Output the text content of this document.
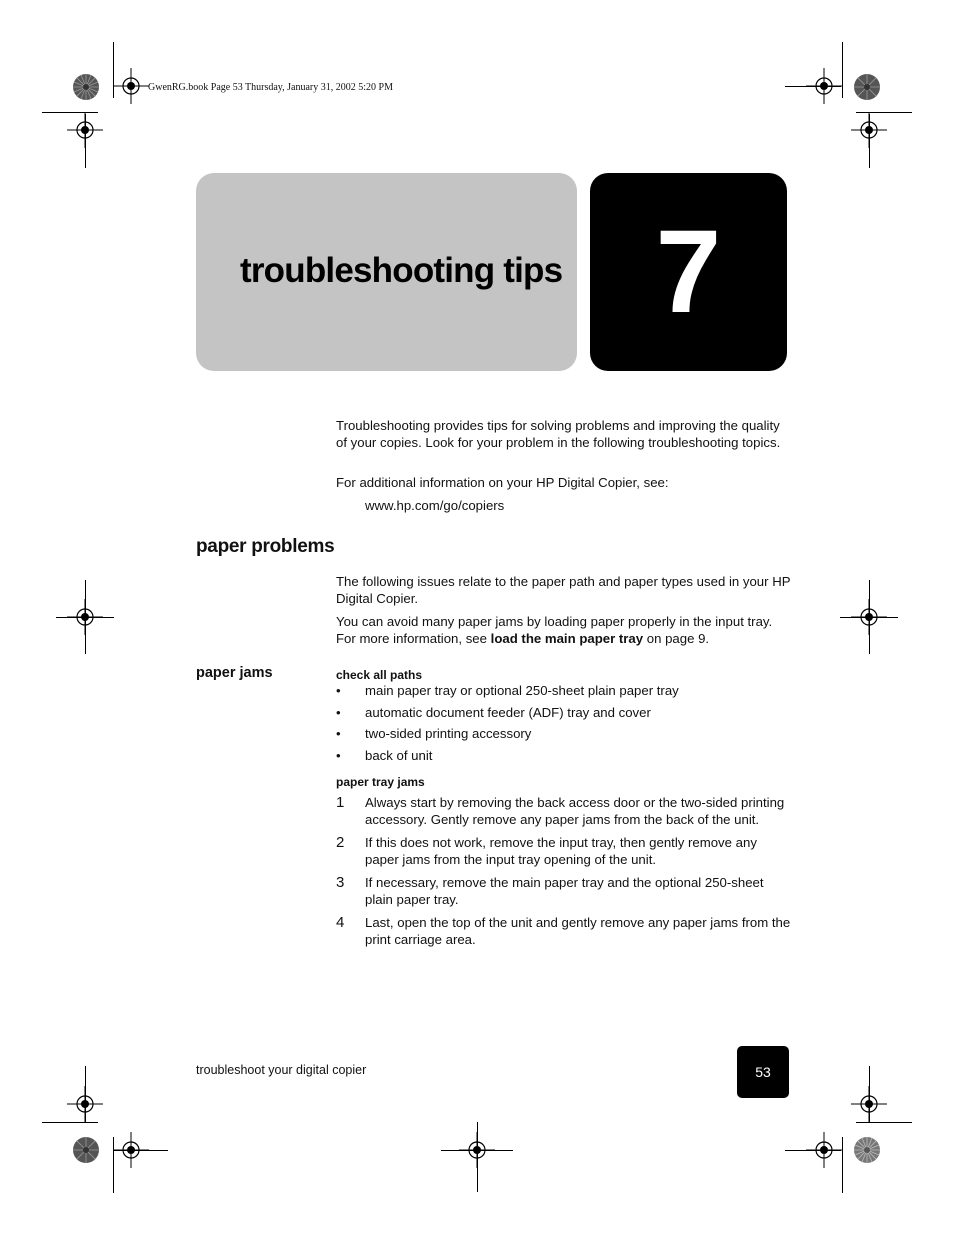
GwenRG.book Page 53 Thursday, January 31, 2002 5:20 PM
troubleshooting tips 7

Troubleshooting provides tips for solving problems and improving the quality of your copies. Look for your problem in the following troubleshooting topics.

For additional information on your HP Digital Copier, see:

www.hp.com/go/copiers
paper problems

The following issues relate to the paper path and paper types used in your HP Digital Copier.

You can avoid many paper jams by loading paper properly in the input tray. For more information, see load the main paper tray on page 9.

paper jams	check all paths
• main paper tray or optional 250-sheet plain paper tray
• automatic document feeder (ADF) tray and cover
• two-sided printing accessory
• back of unit
paper tray jams
1 Always start by removing the back access door or the two-sided printing accessory. Gently remove any paper jams from the back of the unit.
2 If this does not work, remove the input tray, then gently remove any paper jams from the input tray opening of the unit.
3 If necessary, remove the main paper tray and the optional 250-sheet plain paper tray.
4 Last, open the top of the unit and gently remove any paper jams from the print carriage area.
troubleshoot your digital copier	53
